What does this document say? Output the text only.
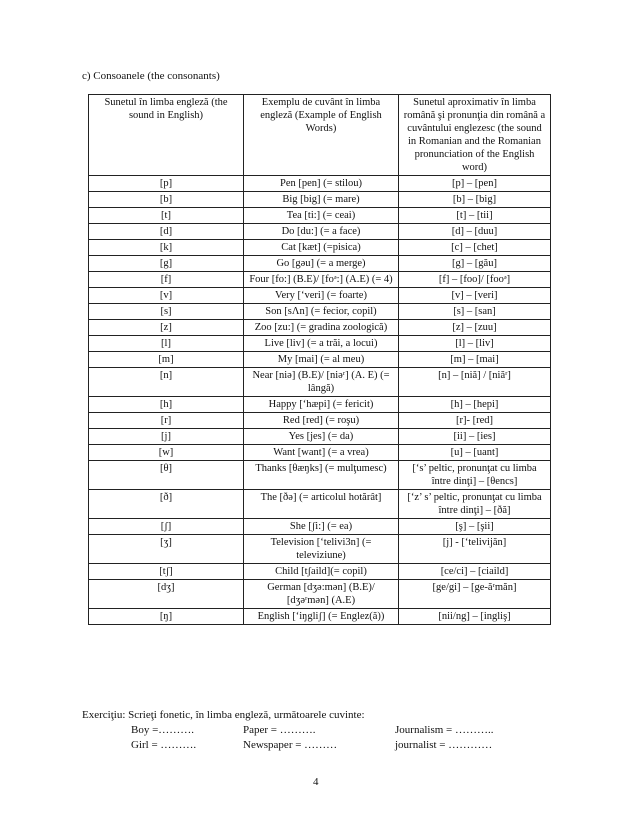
c) Consoanele (the consonants)
Sunetul în limba engleză (the sound in English)	Exemplu de cuvânt în limba engleză (Example of English Words)	Sunetul aproximativ în limba română şi pronunţia din română a cuvântului englezesc (the sound in Romanian and the Romanian pronunciation of the English word)
[p]	Pen [pen] (= stilou)	[p] – [pen]
[b]	Big [big] (= mare)	[b] – [big]
[t]	Tea [ti:] (= ceai)	[t] – [tii]
[d]	Do [du:] (= a face)	[d] – [duu]
[k]	Cat [kæt] (=pisica)	[c] – [chet]
[g]	Go [gəu] (= a merge)	[g] – [gău]
[f]	Four [fo:] (B.E)/ [foᵊ:] (A.E) (= 4)	[f] – [foo]/ [fooᵊ]
[v]	Very [‘veri] (= foarte)	[v] – [veri]
[s]	Son [sΛn] (= fecior, copil)	[s] – [san]
[z]	Zoo [zu:] (= gradina zoologică)	[z] – [zuu]
[l]	Live [liv] (= a trăi, a locui)	[l] – [liv]
[m]	My [mai] (= al meu)	[m] – [mai]
[n]	Near [niə] (B.E)/ [niəʳ] (A. E) (= lângă)	[n] – [niă] / [niăʳ]
[h]	Happy [‘hæpi] (= fericit)	[h] – [hepi]
[r]	Red [red] (= roşu)	[r]- [red]
[j]	Yes [jes] (= da)	[ii] – [ies]
[w]	Want [want] (= a vrea)	[u] – [uant]
[θ]	Thanks [θæŋks] (= mulţumesc)	[‘s’ peltic, pronunţat cu limba între dinţi] – [θencs]
[ð]	The [ðə] (= articolul hotărât]	[‘z’ s’ peltic, pronunţat cu limba între dinţi] – [ðă]
[ʃ]	She [ʃi:] (= ea)	[ş] – [şii]
[ʒ]	Television [‘telivi3n] (= televiziune)	[j] - [‘telivijăn]
[tʃ]	Child [tʃaild](= copil)	[ce/ci] – [ciaild]
[dʒ]	German [dʒə:mən] (B.E)/ [dʒəʳmən] (A.E)	[ge/gi] – [ge-ăʳmăn]
[ŋ]	English [‘iŋgliʃ] (= Englez(ă))	[nii/ng] – [ingliş]
Exerciţiu: Scrieţi fonetic, în limba engleză, următoarele cuvinte:
Boy =……….	Paper = ……….	Journalism = ………..
Girl = ……….	Newspaper = ………	journalist = …………
4
